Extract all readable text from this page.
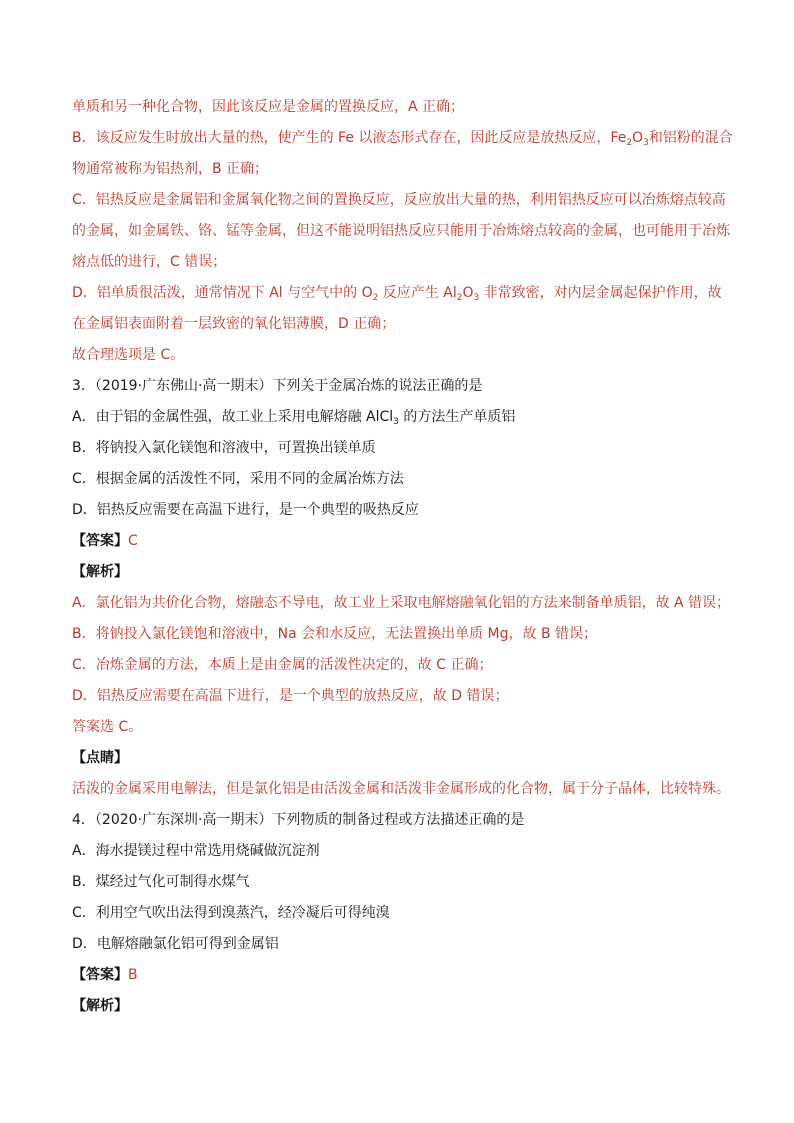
单质和另一种化合物，因此该反应是金属的置换反应，A 正确；

B．该反应发生时放出大量的热，使产生的 Fe 以液态形式存在，因此反应是放热反应，$Fe_2O_3$和铝粉的混合物通常被称为铝热剂，B 正确；

C．铝热反应是金属铝和金属氧化物之间的置换反应，反应放出大量的热，利用铝热反应可以冶炼熔点较高的金属，如金属铁、铬、锰等金属，但这不能说明铝热反应只能用于冶炼熔点较高的金属，也可能用于冶炼熔点低的进行，C 错误；

D．铝单质很活泼，通常情况下 Al 与空气中的 $O_2$ 反应产生 $Al_2O_3$ 非常致密，对内层金属起保护作用，故在金属铝表面附着一层致密的氧化铝薄膜，D 正确；

故合理选项是 C。

3．（2019·广东佛山·高一期末）下列关于金属冶炼的说法正确的是

A．由于铝的金属性强，故工业上采用电解熔融 AlCl$_3$ 的方法生产单质铝

B．将钠投入氯化镁饱和溶液中，可置换出镁单质

C．根据金属的活泼性不同，采用不同的金属冶炼方法

D．铝热反应需要在高温下进行，是一个典型的吸热反应

【答案】C

【解析】

A．氯化铝为共价化合物，熔融态不导电，故工业上采取电解熔融氧化铝的方法来制备单质铝，故 A 错误；

B．将钠投入氯化镁饱和溶液中，Na 会和水反应，无法置换出单质 Mg，故 B 错误；

C．冶炼金属的方法，本质上是由金属的活泼性决定的，故 C 正确；

D．铝热反应需要在高温下进行，是一个典型的放热反应，故 D 错误；

答案选 C。

【点睛】

活泼的金属采用电解法，但是氯化铝是由活泼金属和活泼非金属形成的化合物，属于分子晶体，比较特殊。

4．（2020·广东深圳·高一期末）下列物质的制备过程或方法描述正确的是

A．海水提镁过程中常选用烧碱做沉淀剂

B．煤经过气化可制得水煤气

C．利用空气吹出法得到溴蒸汽，经冷凝后可得纯溴

D．电解熔融氯化铝可得到金属铝

【答案】B

【解析】
